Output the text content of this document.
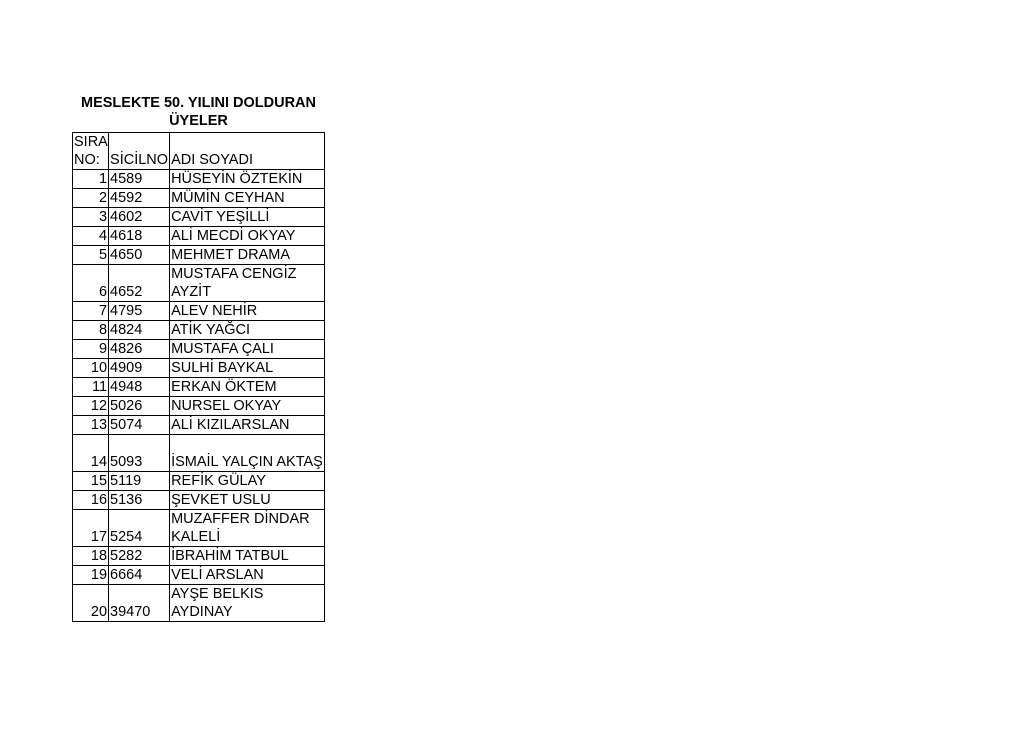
MESLEKTE 50. YILINI DOLDURAN ÜYELER
SIRA NO:	SİCİLNO	ADI SOYADI
1	4589	HÜSEYİN ÖZTEKİN
2	4592	MÜMİN CEYHAN
3	4602	CAVİT YEŞİLLİ
4	4618	ALİ MECDİ OKYAY
5	4650	MEHMET DRAMA
6	4652	MUSTAFA CENGİZ AYZİT
7	4795	ALEV NEHİR
8	4824	ATİK YAĞCI
9	4826	MUSTAFA ÇALI
10	4909	SULHİ BAYKAL
11	4948	ERKAN ÖKTEM
12	5026	NURSEL OKYAY
13	5074	ALİ KIZILARSLAN
14	5093	İSMAİL YALÇIN AKTAŞ
15	5119	REFİK GÜLAY
16	5136	ŞEVKET USLU
17	5254	MUZAFFER DİNDAR KALELİ
18	5282	İBRAHİM TATBUL
19	6664	VELİ ARSLAN
20	39470	AYŞE BELKIS AYDINAY
